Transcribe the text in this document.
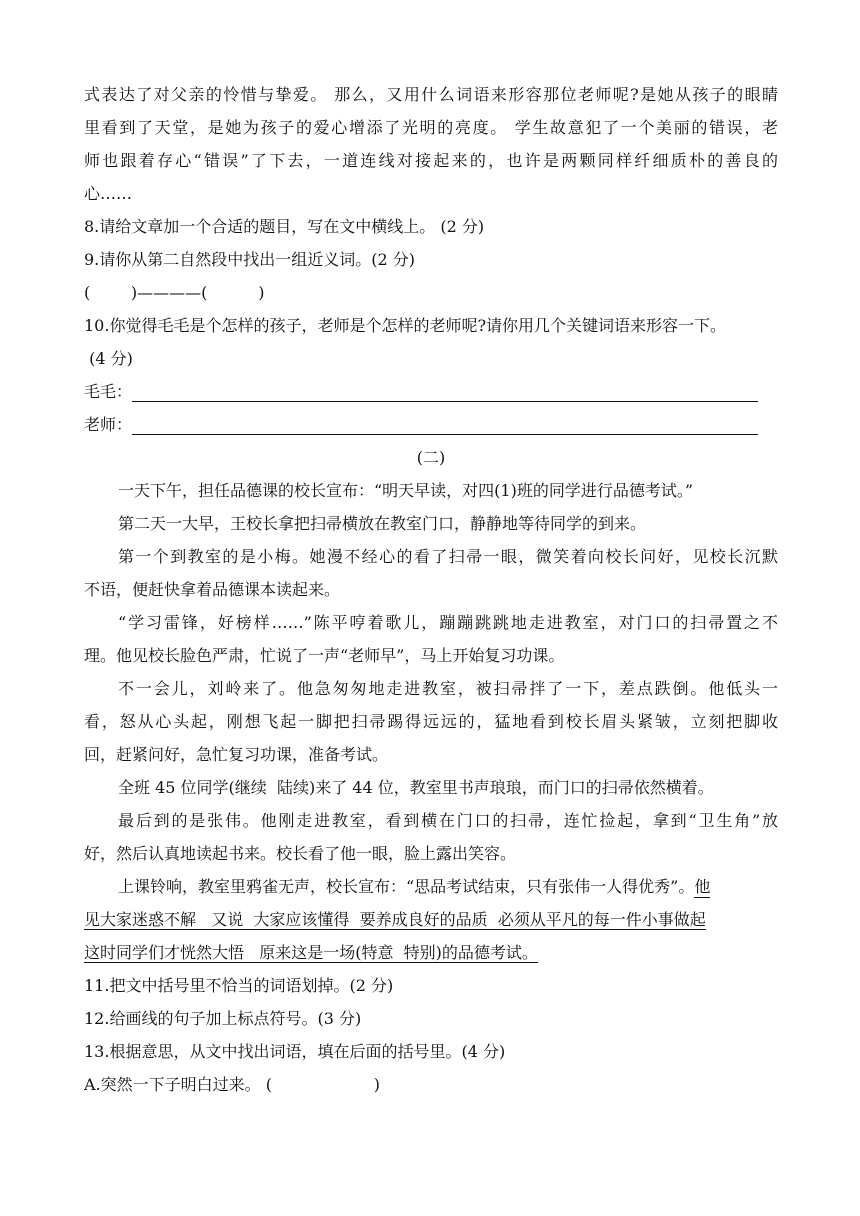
式表达了对父亲的怜惜与挚爱。 那么，又用什么词语来形容那位老师呢?是她从孩子的眼睛
里看到了天堂，是她为孩子的爱心增添了光明的亮度。 学生故意犯了一个美丽的错误，老
师也跟着存心“错误”了下去，一道连线对接起来的，也许是两颗同样纤细质朴的善良的
心……
8.请给文章加一个合适的题目，写在文中横线上。 (2 分)
9.请你从第二自然段中找出一组近义词。(2 分)
(        )————(          )
10.你觉得毛毛是个怎样的孩子，老师是个怎样的老师呢?请你用几个关键词语来形容一下。
(4 分)
毛毛：
老师：
(二)
一天下午，担任品德课的校长宣布：“明天早读，对四(1)班的同学进行品德考试。”
第二天一大早，王校长拿把扫帚横放在教室门口，静静地等待同学的到来。
第一个到教室的是小梅。她漫不经心的看了扫帚一眼，微笑着向校长问好，见校长沉默
不语，便赶快拿着品德课本读起来。
“学习雷锋，好榜样……”陈平哼着歌儿，蹦蹦跳跳地走进教室，对门口的扫帚置之不
理。他见校长脸色严肃，忙说了一声“老师早”，马上开始复习功课。
不一会儿，刘岭来了。他急匆匆地走进教室，被扫帚拌了一下，差点跌倒。他低头一
看，怒从心头起，刚想飞起一脚把扫帚踢得远远的，猛地看到校长眉头紧皱，立刻把脚收
回，赶紧问好，急忙复习功课，准备考试。
全班 45 位同学(继续  陆续)来了 44 位，教室里书声琅琅，而门口的扫帚依然横着。
最后到的是张伟。他刚走进教室，看到横在门口的扫帚，连忙捡起，拿到“卫生角”放
好，然后认真地读起书来。校长看了他一眼，脸上露出笑容。
上课铃响，教室里鸦雀无声，校长宣布：“思品考试结束，只有张伟一人得优秀”。他
见大家迷惑不解   又说  大家应该懂得  要养成良好的品质  必须从平凡的每一件小事做起
这时同学们才恍然大悟   原来这是一场(特意  特别)的品德考试。
11.把文中括号里不恰当的词语划掉。(2 分)
12.给画线的句子加上标点符号。(3 分)
13.根据意思，从文中找出词语，填在后面的括号里。(4 分)
A.突然一下子明白过来。 (                    )
